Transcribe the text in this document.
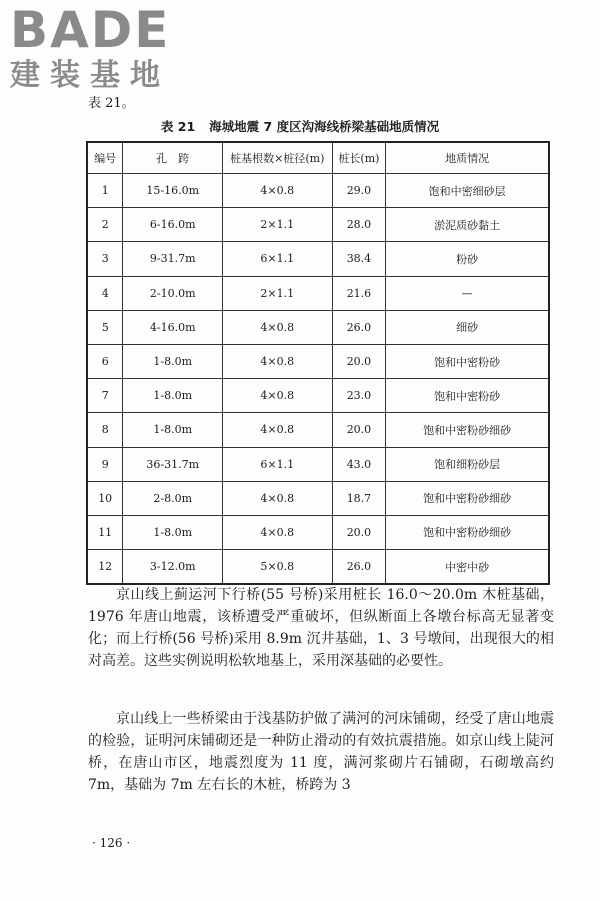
BADE
建装基地
表 21。
表 21 海城地震 7 度区沟海线桥梁基础地质情况
编号	孔　跨	桩基根数×桩径(m)	桩长(m)	地质情况
1	15-16.0m	4×0.8	29.0	饱和中密细砂层
2	6-16.0m	2×1.1	28.0	淤泥质砂黏土
3	9-31.7m	6×1.1	38.4	粉砂
4	2-10.0m	2×1.1	21.6	—
5	4-16.0m	4×0.8	26.0	细砂
6	1-8.0m	4×0.8	20.0	饱和中密粉砂
7	1-8.0m	4×0.8	23.0	饱和中密粉砂
8	1-8.0m	4×0.8	20.0	饱和中密粉砂细砂
9	36-31.7m	6×1.1	43.0	饱和细粉砂层
10	2-8.0m	4×0.8	18.7	饱和中密粉砂细砂
11	1-8.0m	4×0.8	20.0	饱和中密粉砂细砂
12	3-12.0m	5×0.8	26.0	中密中砂

京山线上蓟运河下行桥(55 号桥)采用桩长 16.0～20.0m 木桩基础，1976 年唐山地震，该桥遭受严重破坏，但纵断面上各墩台标高无显著变化；而上行桥(56 号桥)采用 8.9m 沉井基础，1、3 号墩间，出现很大的相对高差。这些实例说明松软地基上，采用深基础的必要性。

京山线上一些桥梁由于浅基防护做了满河的河床铺砌，经受了唐山地震的检验，证明河床铺砌还是一种防止滑动的有效抗震措施。如京山线上陡河桥，在唐山市区，地震烈度为 11 度，满河浆砌片石铺砌，石砌墩高约 7m，基础为 7m 左右长的木桩，桥跨为 3

· 126 ·
